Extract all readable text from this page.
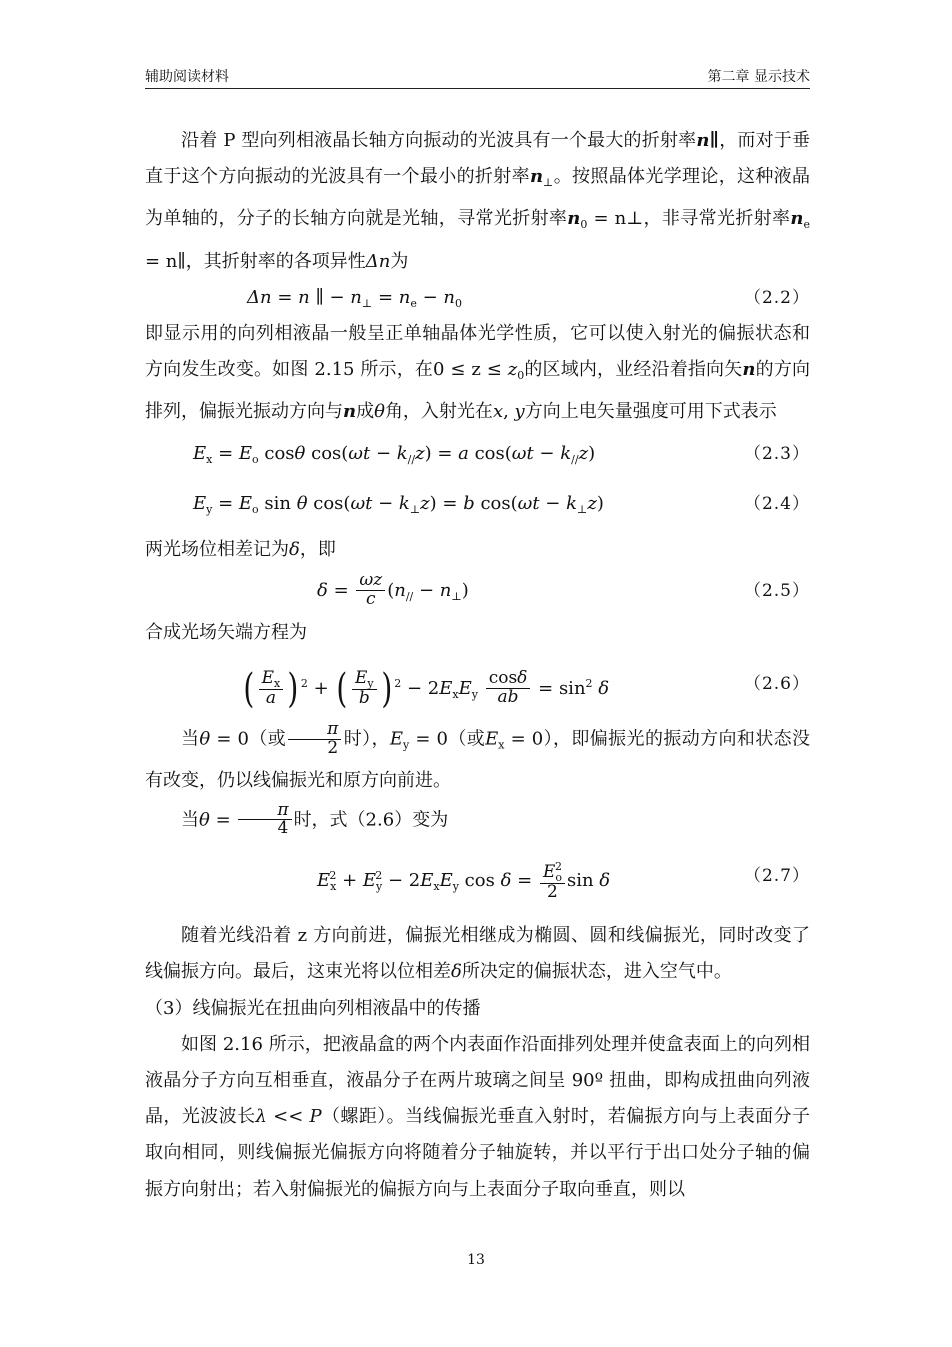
辅助阅读材料	第二章 显示技术

沿着 P 型向列相液晶长轴方向振动的光波具有一个最大的折射率n∥，而对于垂直于这个方向振动的光波具有一个最小的折射率$n_\perp$。按照晶体光学理论，这种液晶为单轴的，分子的长轴方向就是光轴，寻常光折射率$n_0$ = n⊥，非寻常光折射率$n_e$ = n∥，其折射率的各项异性Δn为

Δn = n ∥ − $n_\perp = n_e - n_0$	（2.2）

即显示用的向列相液晶一般呈正单轴晶体光学性质，它可以使入射光的偏振状态和方向发生改变。如图 2.15 所示，在$0 \le z \le z_0$的区域内，业经沿着指向矢n的方向排列，偏振光振动方向与n成θ角，入射光在x, y方向上电矢量强度可用下式表示

$E_x = E_o$ cosθ $\cos(\omega t - k_{//}z) = a$ $\cos(\omega t - k_{//}z)$	（2.3）
$E_y = E_o$ sin θ $\cos(\omega t - k_\perp z) = b$ $\cos(\omega t - k_\perp z)$	（2.4）

两光场位相差记为δ，即

$\delta = \frac{\omega z}{c} (n_{//} - n_\perp)$	（2.5）

合成光场矢端方程为

( $\frac{E_x}{a}$ ) $^2$ + ( $\frac{E_y}{b}$ ) $^2 - 2E_xE_y \frac{\cos\delta}{ab} = \sin^2 \delta$	（2.6）

当θ = 0（或 $\frac{\pi}{2}$ 时），$E_y = 0$（或$E_x = 0$），即偏振光的振动方向和状态没有改变，仍以线偏振光和原方向前进。

当$\theta = \frac{\pi}{4}$ 时，式（2.6）变为

$E_x^2 + E_y^2 - 2E_xE_y$ $\cos \delta = \frac{E_o^2}{2}$ sin δ	（2.7）

随着光线沿着 z 方向前进，偏振光相继成为椭圆、圆和线偏振光，同时改变了线偏振方向。最后，这束光将以位相差δ所决定的偏振状态，进入空气中。

（3）线偏振光在扭曲向列相液晶中的传播

如图 2.16 所示，把液晶盒的两个内表面作沿面排列处理并使盒表面上的向列相液晶分子方向互相垂直，液晶分子在两片玻璃之间呈 90º 扭曲，即构成扭曲向列液晶，光波波长λ << P（螺距）。当线偏振光垂直入射时，若偏振方向与上表面分子取向相同，则线偏振光偏振方向将随着分子轴旋转，并以平行于出口处分子轴的偏振方向射出；若入射偏振光的偏振方向与上表面分子取向垂直，则以

13
